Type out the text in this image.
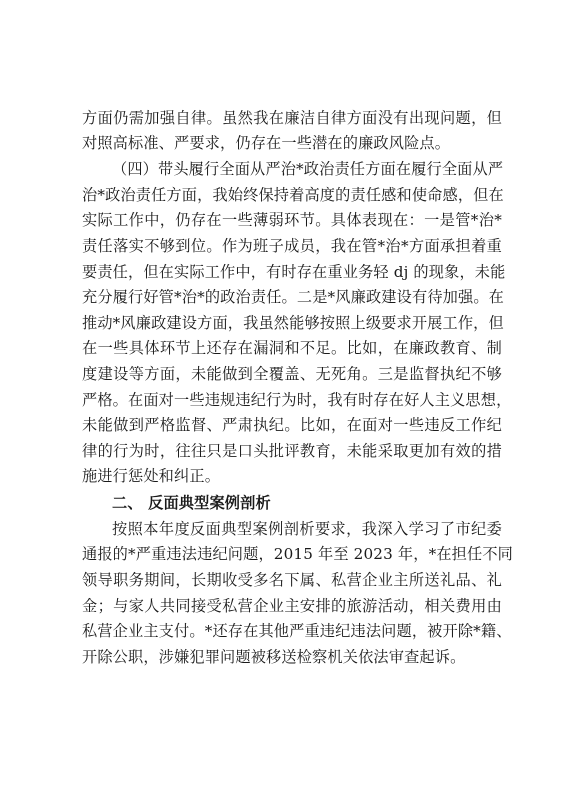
方面仍需加强自律。虽然我在廉洁自律方面没有出现问题，但
对照高标准、严要求，仍存在一些潜在的廉政风险点。
（四）带头履行全面从严治*政治责任方面在履行全面从严
治*政治责任方面，我始终保持着高度的责任感和使命感，但在
实际工作中，仍存在一些薄弱环节。具体表现在：一是管*治*
责任落实不够到位。作为班子成员，我在管*治*方面承担着重
要责任，但在实际工作中，有时存在重业务轻 dj 的现象，未能
充分履行好管*治*的政治责任。二是*风廉政建设有待加强。在
推动*风廉政建设方面，我虽然能够按照上级要求开展工作，但
在一些具体环节上还存在漏洞和不足。比如，在廉政教育、制
度建设等方面，未能做到全覆盖、无死角。三是监督执纪不够
严格。在面对一些违规违纪行为时，我有时存在好人主义思想，
未能做到严格监督、严肃执纪。比如，在面对一些违反工作纪
律的行为时，往往只是口头批评教育，未能采取更加有效的措
施进行惩处和纠正。
二、 反面典型案例剖析
按照本年度反面典型案例剖析要求，我深入学习了市纪委
通报的*严重违法违纪问题，2015 年至 2023 年，*在担任不同
领导职务期间，长期收受多名下属、私营企业主所送礼品、礼
金；与家人共同接受私营企业主安排的旅游活动，相关费用由
私营企业主支付。*还存在其他严重违纪违法问题，被开除*籍、
开除公职，涉嫌犯罪问题被移送检察机关依法审查起诉。
